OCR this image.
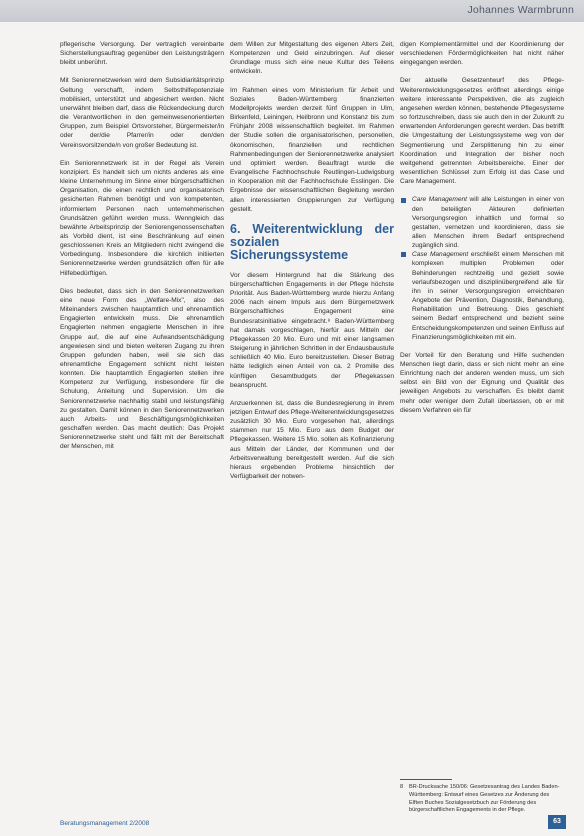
Johannes Warmbrunn

pflegerische Versorgung. Der vertraglich vereinbarte Sicherstellungsauftrag gegenüber den Leistungsträgern bleibt unberührt.

Mit Seniorennetzwerken wird dem Subsidiaritätsprinzip Geltung verschafft, indem Selbsthilfepotenziale mobilisiert, unterstützt und abgesichert werden. Nicht unerwähnt bleiben darf, dass die Rückendeckung durch die Verantwortlichen in den gemeinwesenorientierten Gruppen, zum Beispiel Ortsvorsteher, Bürgermeister/in oder der/die Pfarrer/in oder den/den Vereinsvorsitzende/n von großer Bedeutung ist.

Ein Seniorennetzwerk ist in der Regel als Verein konzipiert. Es handelt sich um nichts anderes als eine kleine Unternehmung im Sinne einer bürgerschaftlichen Organisation, die einen rechtlich und organisatorisch gesicherten Rahmen benötigt und von kompetenten, informiertem Personen nach unternehmerischen Grundsätzen geführt werden muss. Wenngleich das bewährte Arbeitsprinzip der Seniorengenossenschaften als Vorbild dient, ist eine Beschränkung auf einen geschlossenen Kreis an Mitgliedern nicht zwingend die Vorbedingung. Insbesondere die kirchlich initiierten Seniorennetzwerke werden grundsätzlich offen für alle Hilfebedürftigen.

Dies bedeutet, dass sich in den Seniorennetzwerken eine neue Form des „Welfare-Mix", also des Miteinanders zwischen hauptamtlich und ehrenamtlich Engagierten entwickeln muss. Die ehrenamtlich Engagierten nehmen engagierte Menschen in ihre Gruppe auf, die auf eine Aufwandsentschädigung angewiesen sind und bieten weiteren Zugang zu ihren Gruppen gefunden haben, weil sie sich das ehrenamtliche Engagement schlicht nicht leisten konnten. Die hauptamtlich Engagierten stellen ihre Kompetenz zur Verfügung, insbesondere für die Schulung, Anleitung und Supervision. Um die Seniorennetzwerke nachhaltig stabil und leistungsfähig zu gestalten. Damit können in den Seniorennetzwerken auch Arbeits- und Beschäftigungsmöglichkeiten geschaffen werden. Das macht deutlich: Das Projekt Seniorennetzwerke steht und fällt mit der Bereitschaft der Menschen, mit

dem Willen zur Mitgestaltung des eigenen Alters Zeit, Kompetenzen und Geld einzubringen. Auf dieser Grundlage muss sich eine neue Kultur des Teilens entwickeln.

Im Rahmen eines vom Ministerium für Arbeit und Soziales Baden-Württemberg finanzierten Modellprojekts werden derzeit fünf Gruppen in Ulm, Birkenfeld, Leiningen, Heilbronn und Konstanz bis zum Frühjahr 2008 wissenschaftlich begleitet. Im Rahmen der Studie sollen die organisatorischen, personellen, ökonomischen, finanziellen und rechtlichen Rahmenbedingungen der Seniorennetzwerke analysiert und optimiert werden. Beauftragt wurde die Evangelische Fachhochschule Reutlingen-Ludwigsburg in Kooperation mit der Fachhochschule Esslingen. Die Ergebnisse der wissenschaftlichen Begleitung werden allen interessierten Gruppierungen zur Verfügung gestellt.

6. Weiterentwicklung der sozialen Sicherungssysteme

Vor diesem Hintergrund hat die Stärkung des bürgerschaftlichen Engagements in der Pflege höchste Priorität. Aus Baden-Württemberg wurde hierzu Anfang 2006 nach einem Impuls aus dem Bürgernetzwerk Bürgerschaftliches Engagement eine Bundesratsinitiative eingebracht.⁸ Baden-Württemberg hat damals vorgeschlagen, hierfür aus Mitteln der Pflegekassen 20 Mio. Euro und mit einer langsamen Steigerung in jährlichen Schritten in der Endausbaustufe schließlich 40 Mio. Euro bereitzustellen. Dieser Betrag hätte lediglich einen Anteil von ca. 2 Promille des künftigen Gesamtbudgets der Pflegekassen beansprucht.

Anzuerkennen ist, dass die Bundesregierung in ihrem jetzigen Entwurf des Pflege-Weiterentwicklungsgesetzes zusätzlich 30 Mio. Euro vorgesehen hat, allerdings stammen nur 15 Mio. Euro aus dem Budget der Pflegekassen. Weitere 15 Mio. sollen als Kofinanzierung aus Mitteln der Länder, der Kommunen und der Arbeitsverwaltung bereitgestellt werden. Auf die sich hieraus ergebenden Probleme hinsichtlich der Verfügbarkeit der notwen-

digen Komplementärmittel und der Koordinierung der verschiedenen Fördermöglichkeiten hat nicht näher eingegangen werden.

Der aktuelle Gesetzentwurf des Pflege-Weiterentwicklungsgesetzes eröffnet allerdings einige weitere interessante Perspektiven, die als zugleich angesehen werden können, bestehende Pflegesysteme so fortzuschreiben, dass sie auch den in der Zukunft zu erwartenden Anforderungen gerecht werden. Das betrifft die Umgestaltung der Leistungssysteme weg von der Segmentierung und Zersplitterung hin zu einer Koordination und Integration der bisher noch weitgehend getrennten Arbeitsbereiche. Einer der wesentlichen Schlüssel zum Erfolg ist das Case und Care Management.

Care Management will alle Leistungen in einer von den beteiligten Akteuren definierten Versorgungsregion inhaltlich und formal so gestalten, vernetzen und koordinieren, dass sie allen Menschen ihrem Bedarf entsprechend zugänglich sind.
Case Management erschließt einem Menschen mit komplexen multiplen Problemen oder Behinderungen rechtzeitig und gezielt sowie verlaufsbezogen und disziplinübergreifend alle für ihn in seiner Versorgungsregion erreichbaren Angebote der Prävention, Diagnostik, Behandlung, Rehabilitation und Betreuung. Dies geschieht seinem Bedarf entsprechend und bezieht seine Entscheidungskompetenzen und seinen Einfluss auf Finanzierungsmöglichkeiten mit ein.

Der Vorteil für den Beratung und Hilfe suchenden Menschen liegt darin, dass er sich nicht mehr an eine Einrichtung nach der anderen wenden muss, um sich selbst ein Bild von der Eignung und Qualität des jeweiligen Angebots zu verschaffen. Es bleibt damit mehr oder weniger dem Zufall überlassen, ob er mit diesem Verfahren ein für

8	BR-Drucksache 150/06: Gesetzesantrag des Landes Baden-Württemberg: Entwurf eines Gesetzes zur Änderung des Elften Buches Sozialgesetzbuch zur Förderung des bürgerschaftlichen Engagements in der Pflege.
Beratungsmanagement 2/2008	63
